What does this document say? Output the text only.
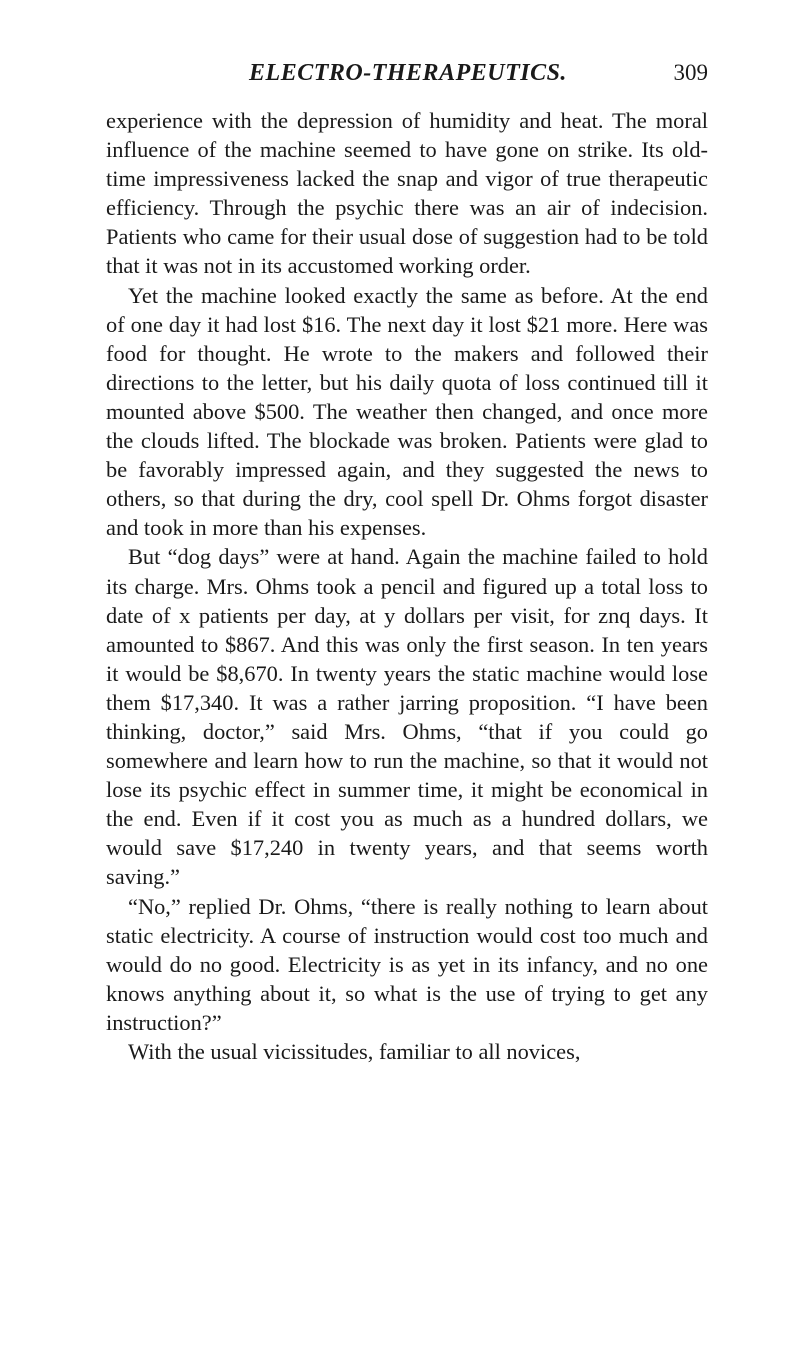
ELECTRO-THERAPEUTICS.	309

experience with the depression of humidity and heat. The moral influence of the machine seemed to have gone on strike. Its old-time impressiveness lacked the snap and vigor of true therapeutic efficiency. Through the psychic there was an air of indecision. Patients who came for their usual dose of suggestion had to be told that it was not in its accustomed working order.

Yet the machine looked exactly the same as before. At the end of one day it had lost $16. The next day it lost $21 more. Here was food for thought. He wrote to the makers and followed their directions to the letter, but his daily quota of loss continued till it mounted above $500. The weather then changed, and once more the clouds lifted. The blockade was broken. Patients were glad to be favorably impressed again, and they suggested the news to others, so that during the dry, cool spell Dr. Ohms forgot disaster and took in more than his expenses.

But “dog days” were at hand. Again the machine failed to hold its charge. Mrs. Ohms took a pencil and figured up a total loss to date of x patients per day, at y dollars per visit, for znq days. It amounted to $867. And this was only the first season. In ten years it would be $8,670. In twenty years the static machine would lose them $17,340. It was a rather jarring proposition. “I have been thinking, doctor,” said Mrs. Ohms, “that if you could go somewhere and learn how to run the machine, so that it would not lose its psychic effect in summer time, it might be economical in the end. Even if it cost you as much as a hundred dollars, we would save $17,240 in twenty years, and that seems worth saving.”

“No,” replied Dr. Ohms, “there is really nothing to learn about static electricity. A course of instruction would cost too much and would do no good. Electricity is as yet in its infancy, and no one knows anything about it, so what is the use of trying to get any instruction?”

With the usual vicissitudes, familiar to all novices,
